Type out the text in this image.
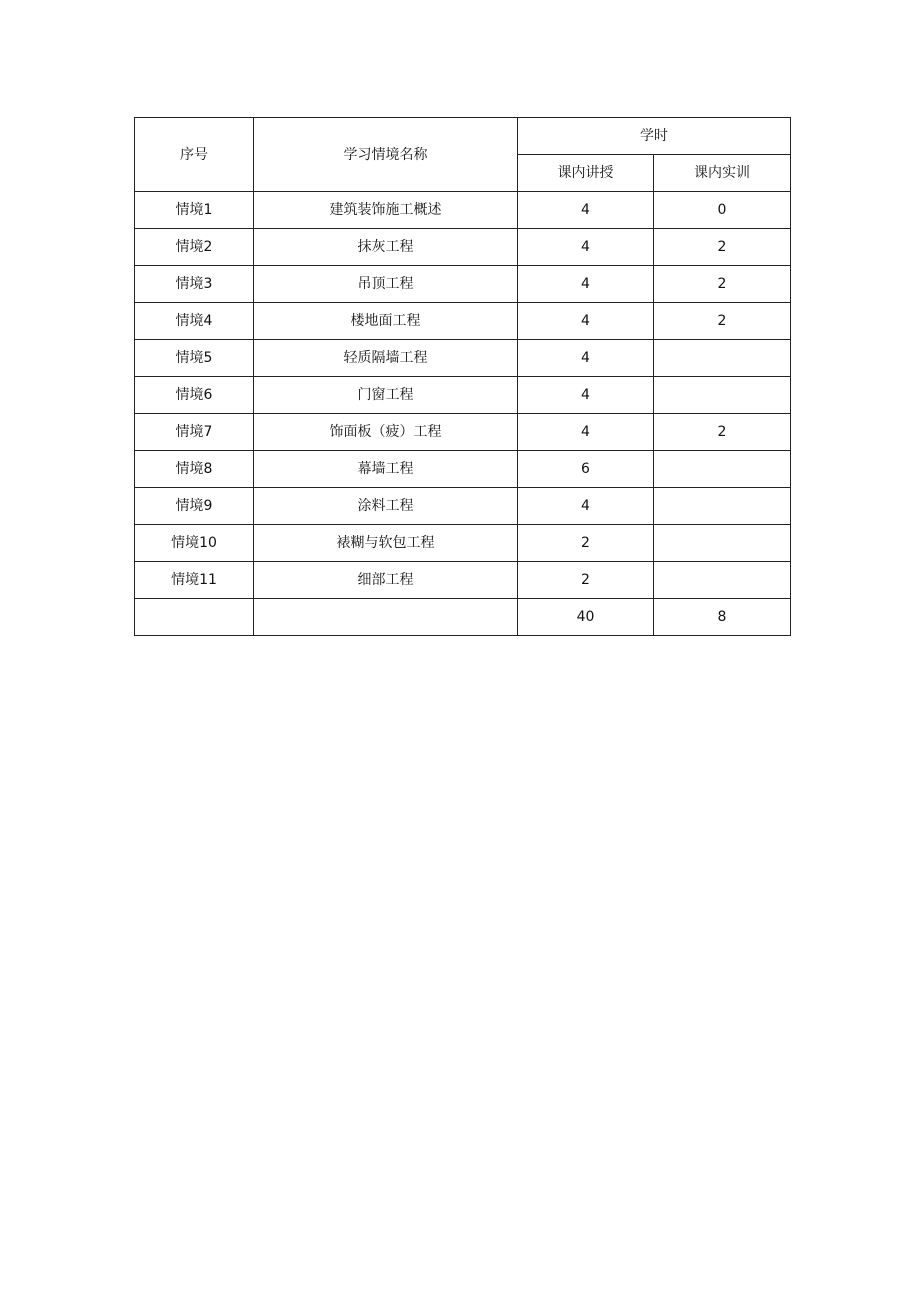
序号	学习情境名称	学时	
		课内讲授	课内实训
情境1	建筑装饰施工概述	4	0
情境2	抹灰工程	4	2
情境3	吊顶工程	4	2
情境4	楼地面工程	4	2
情境5	轻质隔墙工程	4	
情境6	门窗工程	4	
情境7	饰面板（疲）工程	4	2
情境8	幕墙工程	6	
情境9	涂料工程	4	
情境10	裱糊与软包工程	2	
情境11	细部工程	2	
		40	8
